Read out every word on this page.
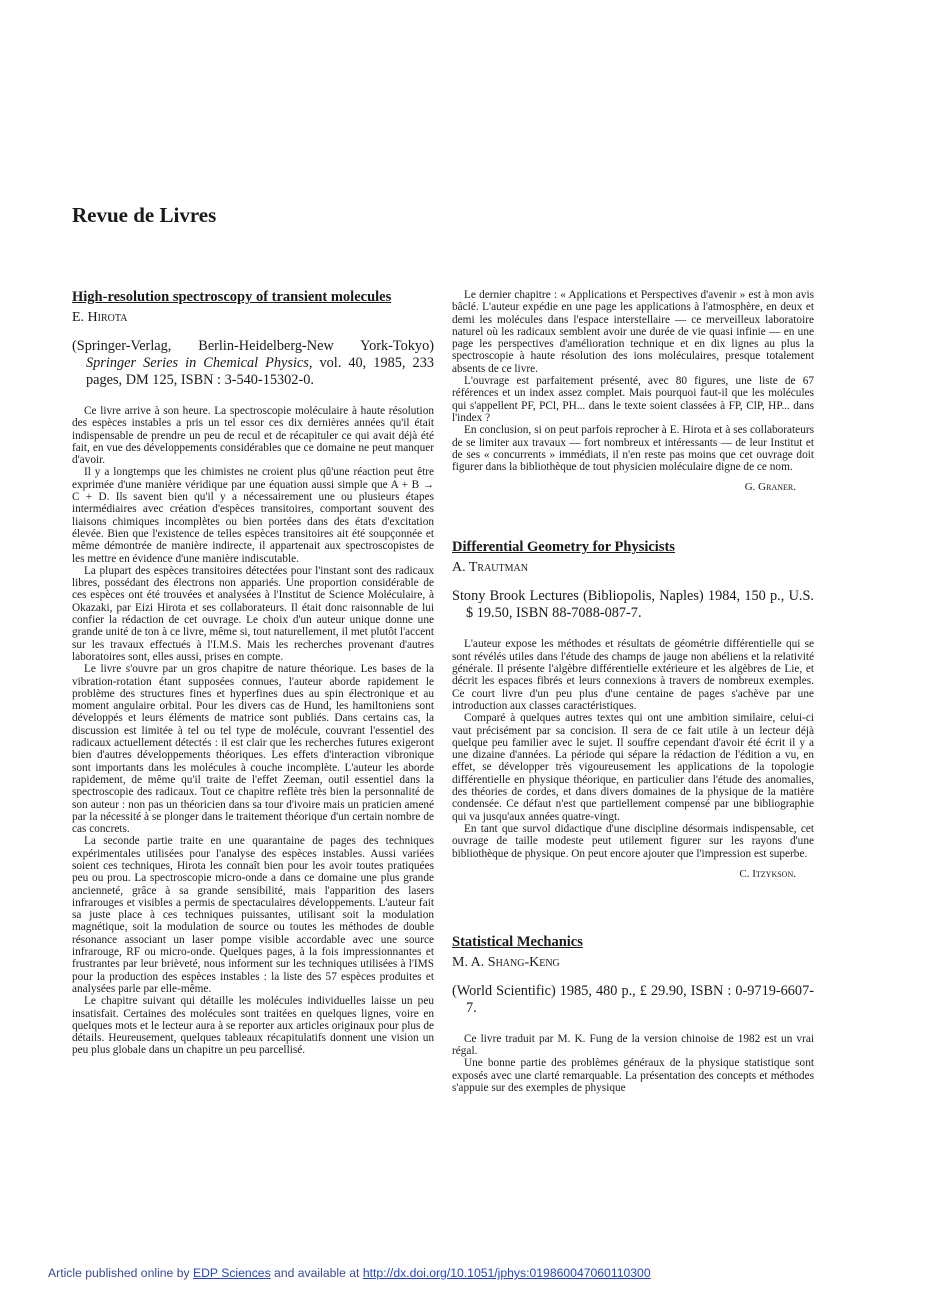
Revue de Livres
High-resolution spectroscopy of transient molecules
E. Hirota
(Springer-Verlag, Berlin-Heidelberg-New York-Tokyo) Springer Series in Chemical Physics, vol. 40, 1985, 233 pages, DM 125, ISBN : 3-540-15302-0.

Ce livre arrive à son heure. La spectroscopie moléculaire à haute résolution des espèces instables a pris un tel essor ces dix dernières années qu'il était indispensable de prendre un peu de recul et de récapituler ce qui avait déjà été fait, en vue des développements considérables que ce domaine ne peut manquer d'avoir.

Il y a longtemps que les chimistes ne croient plus qû'une réaction peut être exprimée d'une manière véridique par une équation aussi simple que A + B → C + D. Ils savent bien qu'il y a nécessairement une ou plusieurs étapes intermédiaires avec création d'espèces transitoires, comportant souvent des liaisons chimiques incomplètes ou bien portées dans des états d'excitation élevée. Bien que l'existence de telles espèces transitoires ait été soupçonnée et même démontrée de manière indirecte, il appartenait aux spectroscopistes de les mettre en évidence d'une manière indiscutable.

La plupart des espèces transitoires détectées pour l'instant sont des radicaux libres, possédant des électrons non appariés. Une proportion considérable de ces espèces ont été trouvées et analysées à l'Institut de Science Moléculaire, à Okazaki, par Eizi Hirota et ses collaborateurs. Il était donc raisonnable de lui confier la rédaction de cet ouvrage. Le choix d'un auteur unique donne une grande unité de ton à ce livre, même si, tout naturellement, il met plutôt l'accent sur les travaux effectués à l'I.M.S. Mais les recherches provenant d'autres laboratoires sont, elles aussi, prises en compte.

Le livre s'ouvre par un gros chapitre de nature théorique. Les bases de la vibration-rotation étant supposées connues, l'auteur aborde rapidement le problème des structures fines et hyperfines dues au spin électronique et au moment angulaire orbital. Pour les divers cas de Hund, les hamiltoniens sont développés et leurs éléments de matrice sont publiés. Dans certains cas, la discussion est limitée à tel ou tel type de molécule, couvrant l'essentiel des radicaux actuellement détectés : il est clair que les recherches futures exigeront bien d'autres développements théoriques. Les effets d'interaction vibronique sont importants dans les molécules à couche incomplète. L'auteur les aborde rapidement, de même qu'il traite de l'effet Zeeman, outil essentiel dans la spectroscopie des radicaux. Tout ce chapitre reflète très bien la personnalité de son auteur : non pas un théoricien dans sa tour d'ivoire mais un praticien amené par la nécessité à se plonger dans le traitement théorique d'un certain nombre de cas concrets.

La seconde partie traite en une quarantaine de pages des techniques expérimentales utilisées pour l'analyse des espèces instables. Aussi variées soient ces techniques, Hirota les connaît bien pour les avoir toutes pratiquées peu ou prou. La spectroscopie micro-onde a dans ce domaine une plus grande ancienneté, grâce à sa grande sensibilité, mais l'apparition des lasers infrarouges et visibles a permis de spectaculaires développements. L'auteur fait sa juste place à ces techniques puissantes, utilisant soit la modulation magnétique, soit la modulation de source ou toutes les méthodes de double résonance associant un laser pompe visible accordable avec une source infrarouge, RF ou micro-onde. Quelques pages, à la fois impressionnantes et frustrantes par leur brièveté, nous informent sur les techniques utilisées à l'IMS pour la production des espèces instables : la liste des 57 espèces produites et analysées parle par elle-même.

Le chapitre suivant qui détaille les molécules individuelles laisse un peu insatisfait. Certaines des molécules sont traitées en quelques lignes, voire en quelques mots et le lecteur aura à se reporter aux articles originaux pour plus de détails. Heureusement, quelques tableaux récapitulatifs donnent une vision un peu plus globale dans un chapitre un peu parcellisé.

Le dernier chapitre : « Applications et Perspectives d'avenir » est à mon avis bâclé. L'auteur expédie en une page les applications à l'atmosphère, en deux et demi les molécules dans l'espace interstellaire — ce merveilleux laboratoire naturel où les radicaux semblent avoir une durée de vie quasi infinie — en une page les perspectives d'amélioration technique et en dix lignes au plus la spectroscopie à haute résolution des ions moléculaires, presque totalement absents de ce livre.

L'ouvrage est parfaitement présenté, avec 80 figures, une liste de 67 références et un index assez complet. Mais pourquoi faut-il que les molécules qui s'appellent PF, PCl, PH... dans le texte soient classées à FP, ClP, HP... dans l'index ?

En conclusion, si on peut parfois reprocher à E. Hirota et à ses collaborateurs de se limiter aux travaux — fort nombreux et intéressants — de leur Institut et de ses « concurrents » immédiats, il n'en reste pas moins que cet ouvrage doit figurer dans la bibliothèque de tout physicien moléculaire digne de ce nom.

G. Graner.
Differential Geometry for Physicists
A. Trautman
Stony Brook Lectures (Bibliopolis, Naples) 1984, 150 p., U.S. $ 19.50, ISBN 88-7088-087-7.

L'auteur expose les méthodes et résultats de géométrie différentielle qui se sont révélés utiles dans l'étude des champs de jauge non abéliens et la relativité générale. Il présente l'algèbre différentielle extérieure et les algèbres de Lie, et décrit les espaces fibrés et leurs connexions à travers de nombreux exemples. Ce court livre d'un peu plus d'une centaine de pages s'achève par une introduction aux classes caractéristiques.

Comparé à quelques autres textes qui ont une ambition similaire, celui-ci vaut précisément par sa concision. Il sera de ce fait utile à un lecteur déjà quelque peu familier avec le sujet. Il souffre cependant d'avoir été écrit il y a une dizaine d'années. La période qui sépare la rédaction de l'édition a vu, en effet, se développer très vigoureusement les applications de la topologie différentielle en physique théorique, en particulier dans l'étude des anomalies, des théories de cordes, et dans divers domaines de la physique de la matière condensée. Ce défaut n'est que partiellement compensé par une bibliographie qui va jusqu'aux années quatre-vingt.

En tant que survol didactique d'une discipline désormais indispensable, cet ouvrage de taille modeste peut utilement figurer sur les rayons d'une bibliothèque de physique. On peut encore ajouter que l'impression est superbe.

C. Itzykson.
Statistical Mechanics
M. A. Shang-Keng
(World Scientific) 1985, 480 p., £ 29.90, ISBN : 0-9719-6607-7.

Ce livre traduit par M. K. Fung de la version chinoise de 1982 est un vrai régal.

Une bonne partie des problèmes généraux de la physique statistique sont exposés avec une clarté remarquable. La présentation des concepts et méthodes s'appuie sur des exemples de physique

Article published online by EDP Sciences and available at http://dx.doi.org/10.1051/jphys:019860047060110300
